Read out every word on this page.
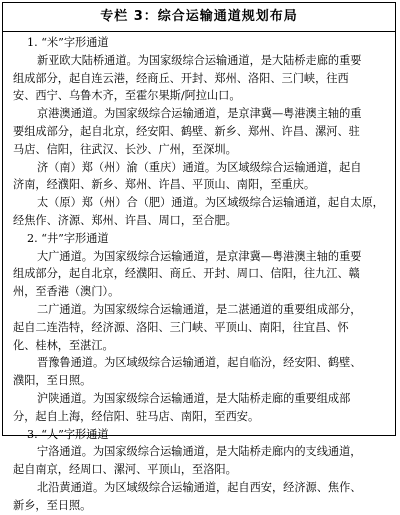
专栏 3：综合运输通道规划布局
1. “米”字形通道
新亚欧大陆桥通道。为国家级综合运输通道，是大陆桥走廊的重要
组成部分，起自连云港，经商丘、开封、郑州、洛阳、三门峡，往西
安、西宁、乌鲁木齐，至霍尔果斯/阿拉山口。
京港澳通道。为国家级综合运输通道，是京津冀—粤港澳主轴的重
要组成部分，起自北京，经安阳、鹤壁、新乡、郑州、许昌、漯河、驻
马店、信阳，往武汉、长沙、广州，至深圳。
济（南）郑（州）渝（重庆）通道。为区域级综合运输通道，起自
济南，经濮阳、新乡、郑州、许昌、平顶山、南阳，至重庆。
太（原）郑（州）合（肥）通道。为区域级综合运输通道，起自太原，
经焦作、济源、郑州、许昌、周口，至合肥。
2. “井”字形通道
大广通道。为国家级综合运输通道，是京津冀—粤港澳主轴的重要
组成部分，起自北京，经濮阳、商丘、开封、周口、信阳，往九江、赣
州，至香港（澳门）。
二广通道。为国家级综合运输通道，是二湛通道的重要组成部分，
起自二连浩特，经济源、洛阳、三门峡、平顶山、南阳，往宜昌、怀
化、桂林，至湛江。
晋豫鲁通道。为区域级综合运输通道，起自临汾，经安阳、鹤壁、
濮阳，至日照。
沪陕通道。为国家级综合运输通道，是大陆桥走廊的重要组成部
分，起自上海，经信阳、驻马店、南阳，至西安。
3. “人”字形通道
宁洛通道。为国家级综合运输通道，是大陆桥走廊内的支线通道，
起自南京，经周口、漯河、平顶山，至洛阳。
北沿黄通道。为区域级综合运输通道，起自西安，经济源、焦作、
新乡，至日照。
